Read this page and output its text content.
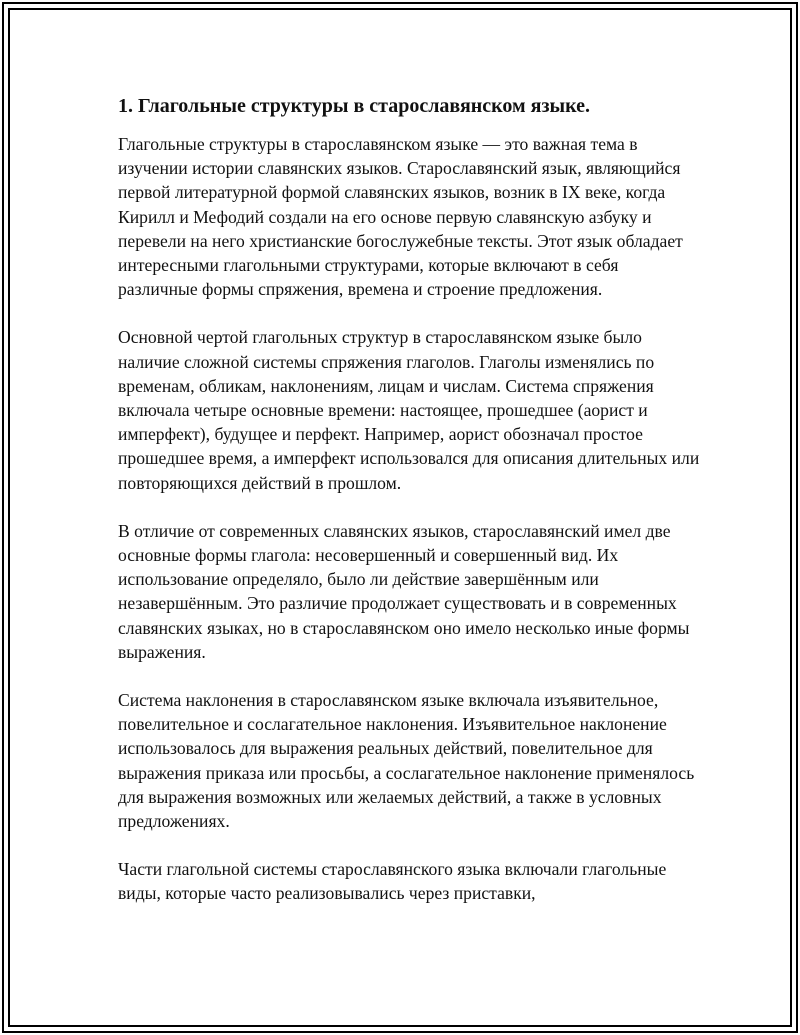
1. Глагольные структуры в старославянском языке.

Глагольные структуры в старославянском языке — это важная тема в изучении истории славянских языков. Старославянский язык, являющийся первой литературной формой славянских языков, возник в IX веке, когда Кирилл и Мефодий создали на его основе первую славянскую азбуку и перевели на него христианские богослужебные тексты. Этот язык обладает интересными глагольными структурами, которые включают в себя различные формы спряжения, времена и строение предложения.

Основной чертой глагольных структур в старославянском языке было наличие сложной системы спряжения глаголов. Глаголы изменялись по временам, обликам, наклонениям, лицам и числам. Система спряжения включала четыре основные времени: настоящее, прошедшее (аорист и имперфект), будущее и перфект. Например, аорист обозначал простое прошедшее время, а имперфект использовался для описания длительных или повторяющихся действий в прошлом.

В отличие от современных славянских языков, старославянский имел две основные формы глагола: несовершенный и совершенный вид. Их использование определяло, было ли действие завершённым или незавершённым. Это различие продолжает существовать и в современных славянских языках, но в старославянском оно имело несколько иные формы выражения.

Система наклонения в старославянском языке включала изъявительное, повелительное и сослагательное наклонения. Изъявительное наклонение использовалось для выражения реальных действий, повелительное для выражения приказа или просьбы, а сослагательное наклонение применялось для выражения возможных или желаемых действий, а также в условных предложениях.

Части глагольной системы старославянского языка включали глагольные виды, которые часто реализовывались через приставки,
